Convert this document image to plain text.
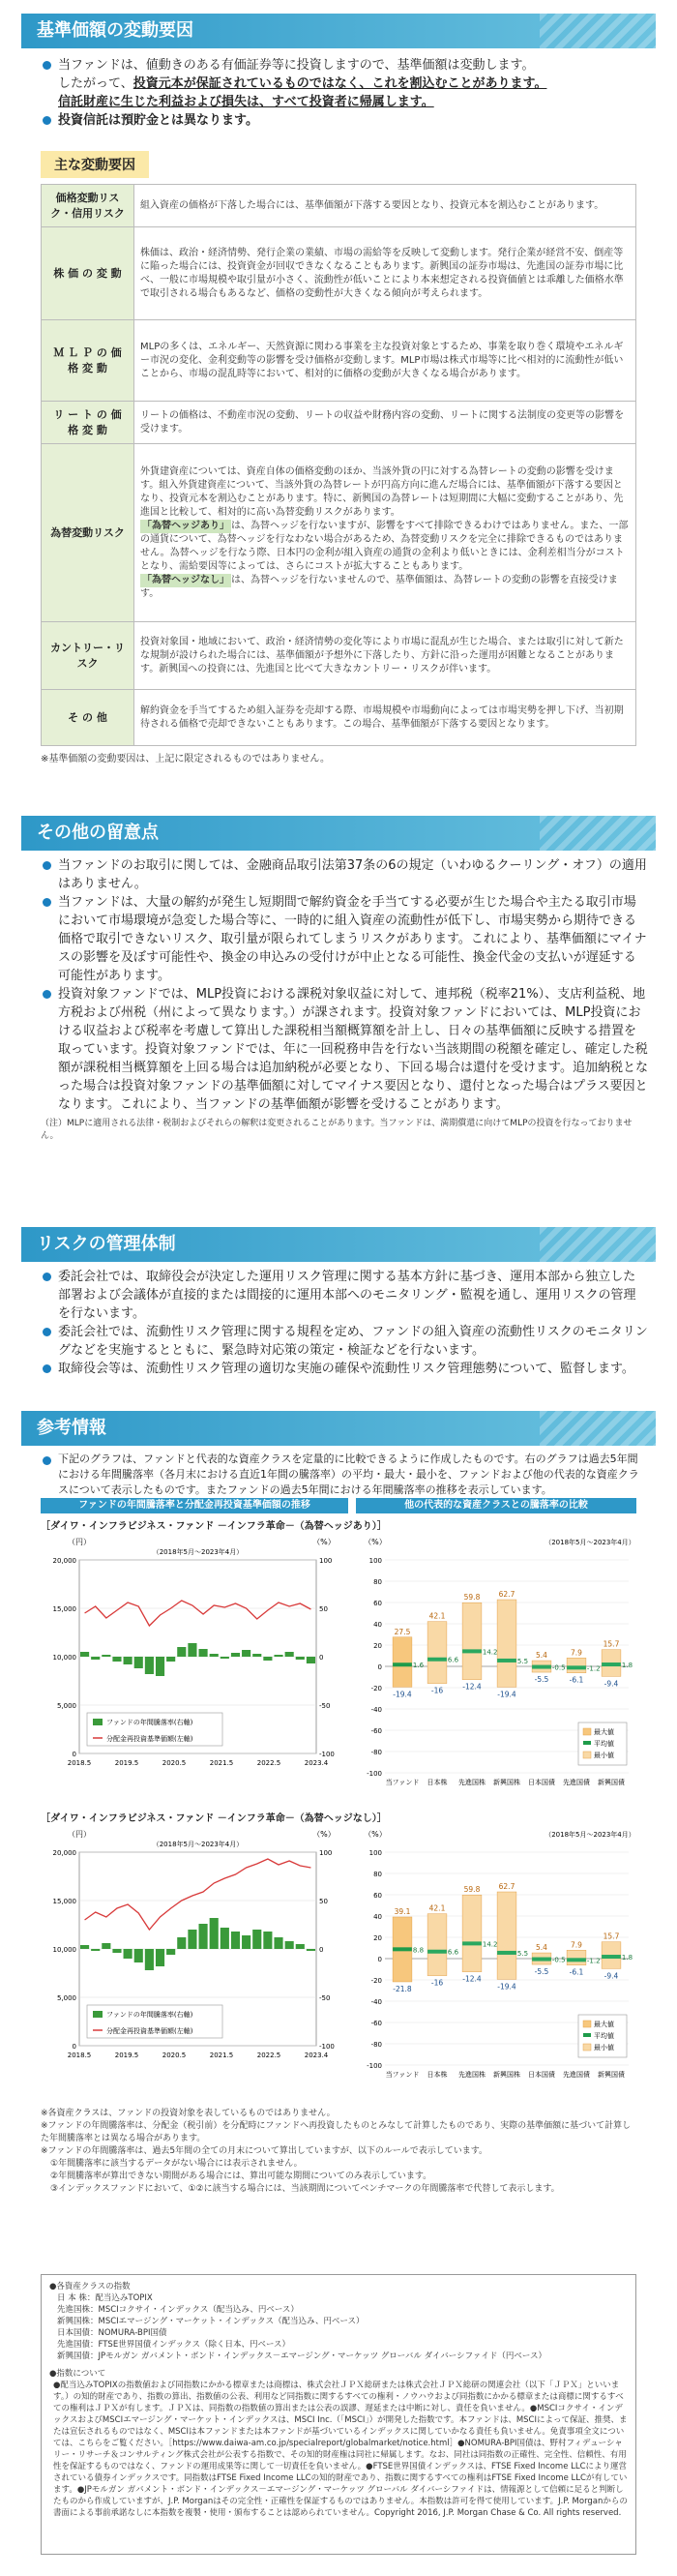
基準価額の変動要因
当ファンドは、値動きのある有価証券等に投資しますので、基準価額は変動します。
したがって、投資元本が保証されているものではなく、これを割込むことがあります。
信託財産に生じた利益および損失は、すべて投資者に帰属します。
投資信託は預貯金とは異なります。
主な変動要因
価格変動リスク・信用リスク	組入資産の価格が下落した場合には、基準価額が下落する要因となり、投資元本を割込むことがあります。
株 価 の 変 動	株価は、政治・経済情勢、発行企業の業績、市場の需給等を反映して変動します。発行企業が経営不安、倒産等に陥った場合には、投資資金が回収できなくなることもあります。新興国の証券市場は、先進国の証券市場に比べ、一般に市場規模や取引量が小さく、流動性が低いことにより本来想定される投資価値とは乖離した価格水準で取引される場合もあるなど、価格の変動性が大きくなる傾向が考えられます。
Ｍ Ｌ Ｐ の 価 格 変 動	MLPの多くは、エネルギー、天然資源に関わる事業を主な投資対象とするため、事業を取り巻く環境やエネルギー市況の変化、金利変動等の影響を受け価格が変動します。MLP市場は株式市場等に比べ相対的に流動性が低いことから、市場の混乱時等において、相対的に価格の変動が大きくなる場合があります。
リ ー ト の 価 格 変 動	リートの価格は、不動産市況の変動、リートの収益や財務内容の変動、リートに関する法制度の変更等の影響を受けます。
為替変動リスク	外貨建資産については、資産自体の価格変動のほか、当該外貨の円に対する為替レートの変動の影響を受けます。組入外貨建資産について、当該外貨の為替レートが円高方向に進んだ場合には、基準価額が下落する要因となり、投資元本を割込むことがあります。特に、新興国の為替レートは短期間に大幅に変動することがあり、先進国と比較して、相対的に高い為替変動リスクがあります。
「為替ヘッジあり」 は、為替ヘッジを行ないますが、影響をすべて排除できるわけではありません。また、一部の通貨について、為替ヘッジを行なわない場合があるため、為替変動リスクを完全に排除できるものではありません。為替ヘッジを行なう際、日本円の金利が組入資産の通貨の金利より低いときには、金利差相当分がコストとなり、需給要因等によっては、さらにコストが拡大することもあります。
「為替ヘッジなし」 は、為替ヘッジを行ないませんので、基準価額は、為替レートの変動の影響を直接受けます。
カントリー・リスク	投資対象国・地域において、政治・経済情勢の変化等により市場に混乱が生じた場合、または取引に対して新たな規制が設けられた場合には、基準価額が予想外に下落したり、方針に沿った運用が困難となることがあります。新興国への投資には、先進国と比べて大きなカントリー・リスクが伴います。
そ の 他	解約資金を手当てするため組入証券を売却する際、市場規模や市場動向によっては市場実勢を押し下げ、当初期待される価格で売却できないこともあります。この場合、基準価額が下落する要因となります。
※基準価額の変動要因は、上記に限定されるものではありません。
その他の留意点
当ファンドのお取引に関しては、金融商品取引法第37条の6の規定（いわゆるクーリング・オフ）の適用はありません。
当ファンドは、大量の解約が発生し短期間で解約資金を手当てする必要が生じた場合や主たる取引市場において市場環境が急変した場合等に、一時的に組入資産の流動性が低下し、市場実勢から期待できる価格で取引できないリスク、取引量が限られてしまうリスクがあります。これにより、基準価額にマイナスの影響を及ぼす可能性や、換金の申込みの受付けが中止となる可能性、換金代金の支払いが遅延する可能性があります。
投資対象ファンドでは、MLP投資における課税対象収益に対して、連邦税（税率21%）、支店利益税、地方税および州税（州によって異なります。）が課されます。投資対象ファンドにおいては、MLP投資における収益および税率を考慮して算出した課税相当額概算額を計上し、日々の基準価額に反映する措置を取っています。投資対象ファンドでは、年に一回税務申告を行ない当該期間の税額を確定し、確定した税額が課税相当概算額を上回る場合は追加納税が必要となり、下回る場合は還付を受けます。追加納税となった場合は投資対象ファンドの基準価額に対してマイナス要因となり、還付となった場合はプラス要因となります。これにより、当ファンドの基準価額が影響を受けることがあります。
（注）MLPに適用される法律・税制およびそれらの解釈は変更されることがあります。当ファンドは、満期償還に向けてMLPの投資を行なっておりません。
リスクの管理体制
委託会社では、取締役会が決定した運用リスク管理に関する基本方針に基づき、運用本部から独立した部署および会議体が直接的または間接的に運用本部へのモニタリング・監視を通し、運用リスクの管理を行ないます。
委託会社では、流動性リスク管理に関する規程を定め、ファンドの組入資産の流動性リスクのモニタリングなどを実施するとともに、緊急時対応策の策定・検証などを行ないます。
取締役会等は、流動性リスク管理の適切な実施の確保や流動性リスク管理態勢について、監督します。
参考情報
下記のグラフは、ファンドと代表的な資産クラスを定量的に比較できるように作成したものです。右のグラフは過去5年間における年間騰落率（各月末における直近1年間の騰落率）の平均・最大・最小を、ファンドおよび他の代表的な資産クラスについて表示したものです。またファンドの過去5年間における年間騰落率の推移を表示しています。
ファンドの年間騰落率と分配金再投資基準価額の推移	他の代表的な資産クラスとの騰落率の比較
［ダイワ・インフラビジネス・ファンド －インフラ革命－（為替ヘッジあり）］
［ダイワ・インフラビジネス・ファンド －インフラ革命－（為替ヘッジなし）］
（円）	（%）
（2018年5月〜2023年4月）
20,000
15,000
10,000
5,000
0
100
50
0
-50
-100
2018.5	2019.5	2020.5	2021.5	2022.5	2023.4
ファンドの年間騰落率(右軸)
分配金再投資基準価額(左軸)
（円）	（%）
（2018年5月〜2023年4月）
20,000
15,000
10,000
5,000
0
100
50
0
-50
-100
2018.5	2019.5	2020.5	2021.5	2022.5	2023.4
ファンドの年間騰落率(右軸)
分配金再投資基準価額(左軸)
（%）	（2018年5月〜2023年4月）
100
80
60
40
20
0
-20
-40
-60
-80
-100
27.5
1.6
-19.4
当ファンド
42.1
6.6
-16
日本株
59.8
14.2
-12.4
先進国株
62.7
5.5
-19.4
新興国株
5.4
-0.5
-5.5
日本国債
7.9
-1.2
-6.1
先進国債
15.7
1.8
-9.4
新興国債
最大値
平均値
最小値
（%）	（2018年5月〜2023年4月）
100
80
60
40
20
0
-20
-40
-60
-80
-100
39.1
8.8
-21.8
当ファンド
42.1
6.6
-16
日本株
59.8
14.2
-12.4
先進国株
62.7
5.5
-19.4
新興国株
5.4
-0.5
-5.5
日本国債
7.9
-1.2
-6.1
先進国債
15.7
1.8
-9.4
新興国債
最大値
平均値
最小値
※各資産クラスは、ファンドの投資対象を表しているものではありません。
※ファンドの年間騰落率は、分配金（税引前）を分配時にファンドへ再投資したものとみなして計算したものであり、実際の基準価額に基づいて計算した年間騰落率とは異なる場合があります。
※ファンドの年間騰落率は、過去5年間の全ての月末について算出していますが、以下のルールで表示しています。
①年間騰落率に該当するデータがない場合には表示されません。
②年間騰落率が算出できない期間がある場合には、算出可能な期間についてのみ表示しています。
③インデックスファンドにおいて、①②に該当する場合には、当該期間についてベンチマークの年間騰落率で代替して表示します。
●各資産クラスの指数
日 本 株：配当込みTOPIX
先進国株：MSCIコクサイ・インデックス（配当込み、円ベース）
新興国株：MSCIエマージング・マーケット・インデックス（配当込み、円ベース）
日本国債：NOMURA-BPI国債
先進国債：FTSE世界国債インデックス（除く日本、円ベース）
新興国債：JPモルガン ガバメント・ボンド・インデックス－エマージング・マーケッツ グローバル ダイバーシファイド（円ベース）
●指数について
●配当込みTOPIXの指数値および同指数にかかる標章または商標は、株式会社ＪＰＸ総研または株式会社ＪＰＸ総研の関連会社（以下「ＪＰＸ」といいます。）の知的財産であり、指数の算出、指数値の公表、利用など同指数に関するすべての権利・ノウハウおよび同指数にかかる標章または商標に関するすべての権利はＪＰＸが有します。ＪＰＸは、同指数の指数値の算出または公表の誤謬、遅延または中断に対し、責任を負いません。●MSCIコクサイ・インデックスおよびMSCIエマージング・マーケット・インデックスは、MSCI Inc.（「MSCI」）が開発した指数です。本ファンドは、MSCIによって保証、推奨、または宣伝されるものではなく、MSCIは本ファンドまたは本ファンドが基づいているインデックスに関していかなる責任も負いません。免責事項全文については、こちらをご覧ください。［https://www.daiwa-am.co.jp/specialreport/globalmarket/notice.html］●NOMURA-BPI国債は、野村フィデューシャリー・リサーチ＆コンサルティング株式会社が公表する指数で、その知的財産権は同社に帰属します。なお、同社は同指数の正確性、完全性、信頼性、有用性を保証するものではなく、ファンドの運用成果等に関して一切責任を負いません。●FTSE世界国債インデックスは、FTSE Fixed Income LLCにより運営されている債券インデックスです。同指数はFTSE Fixed Income LLCの知的財産であり、指数に関するすべての権利はFTSE Fixed Income LLCが有しています。●JPモルガン ガバメント・ボンド・インデックス－エマージング・マーケッツ グローバル ダイバーシファイドは、情報源として信頼に足ると判断したものから作成していますが、J.P. Morganはその完全性・正確性を保証するものではありません。本指数は許可を得て使用しています。J.P. Morganからの書面による事前承諾なしに本指数を複製・使用・頒布することは認められていません。Copyright 2016, J.P. Morgan Chase & Co. All rights reserved.
